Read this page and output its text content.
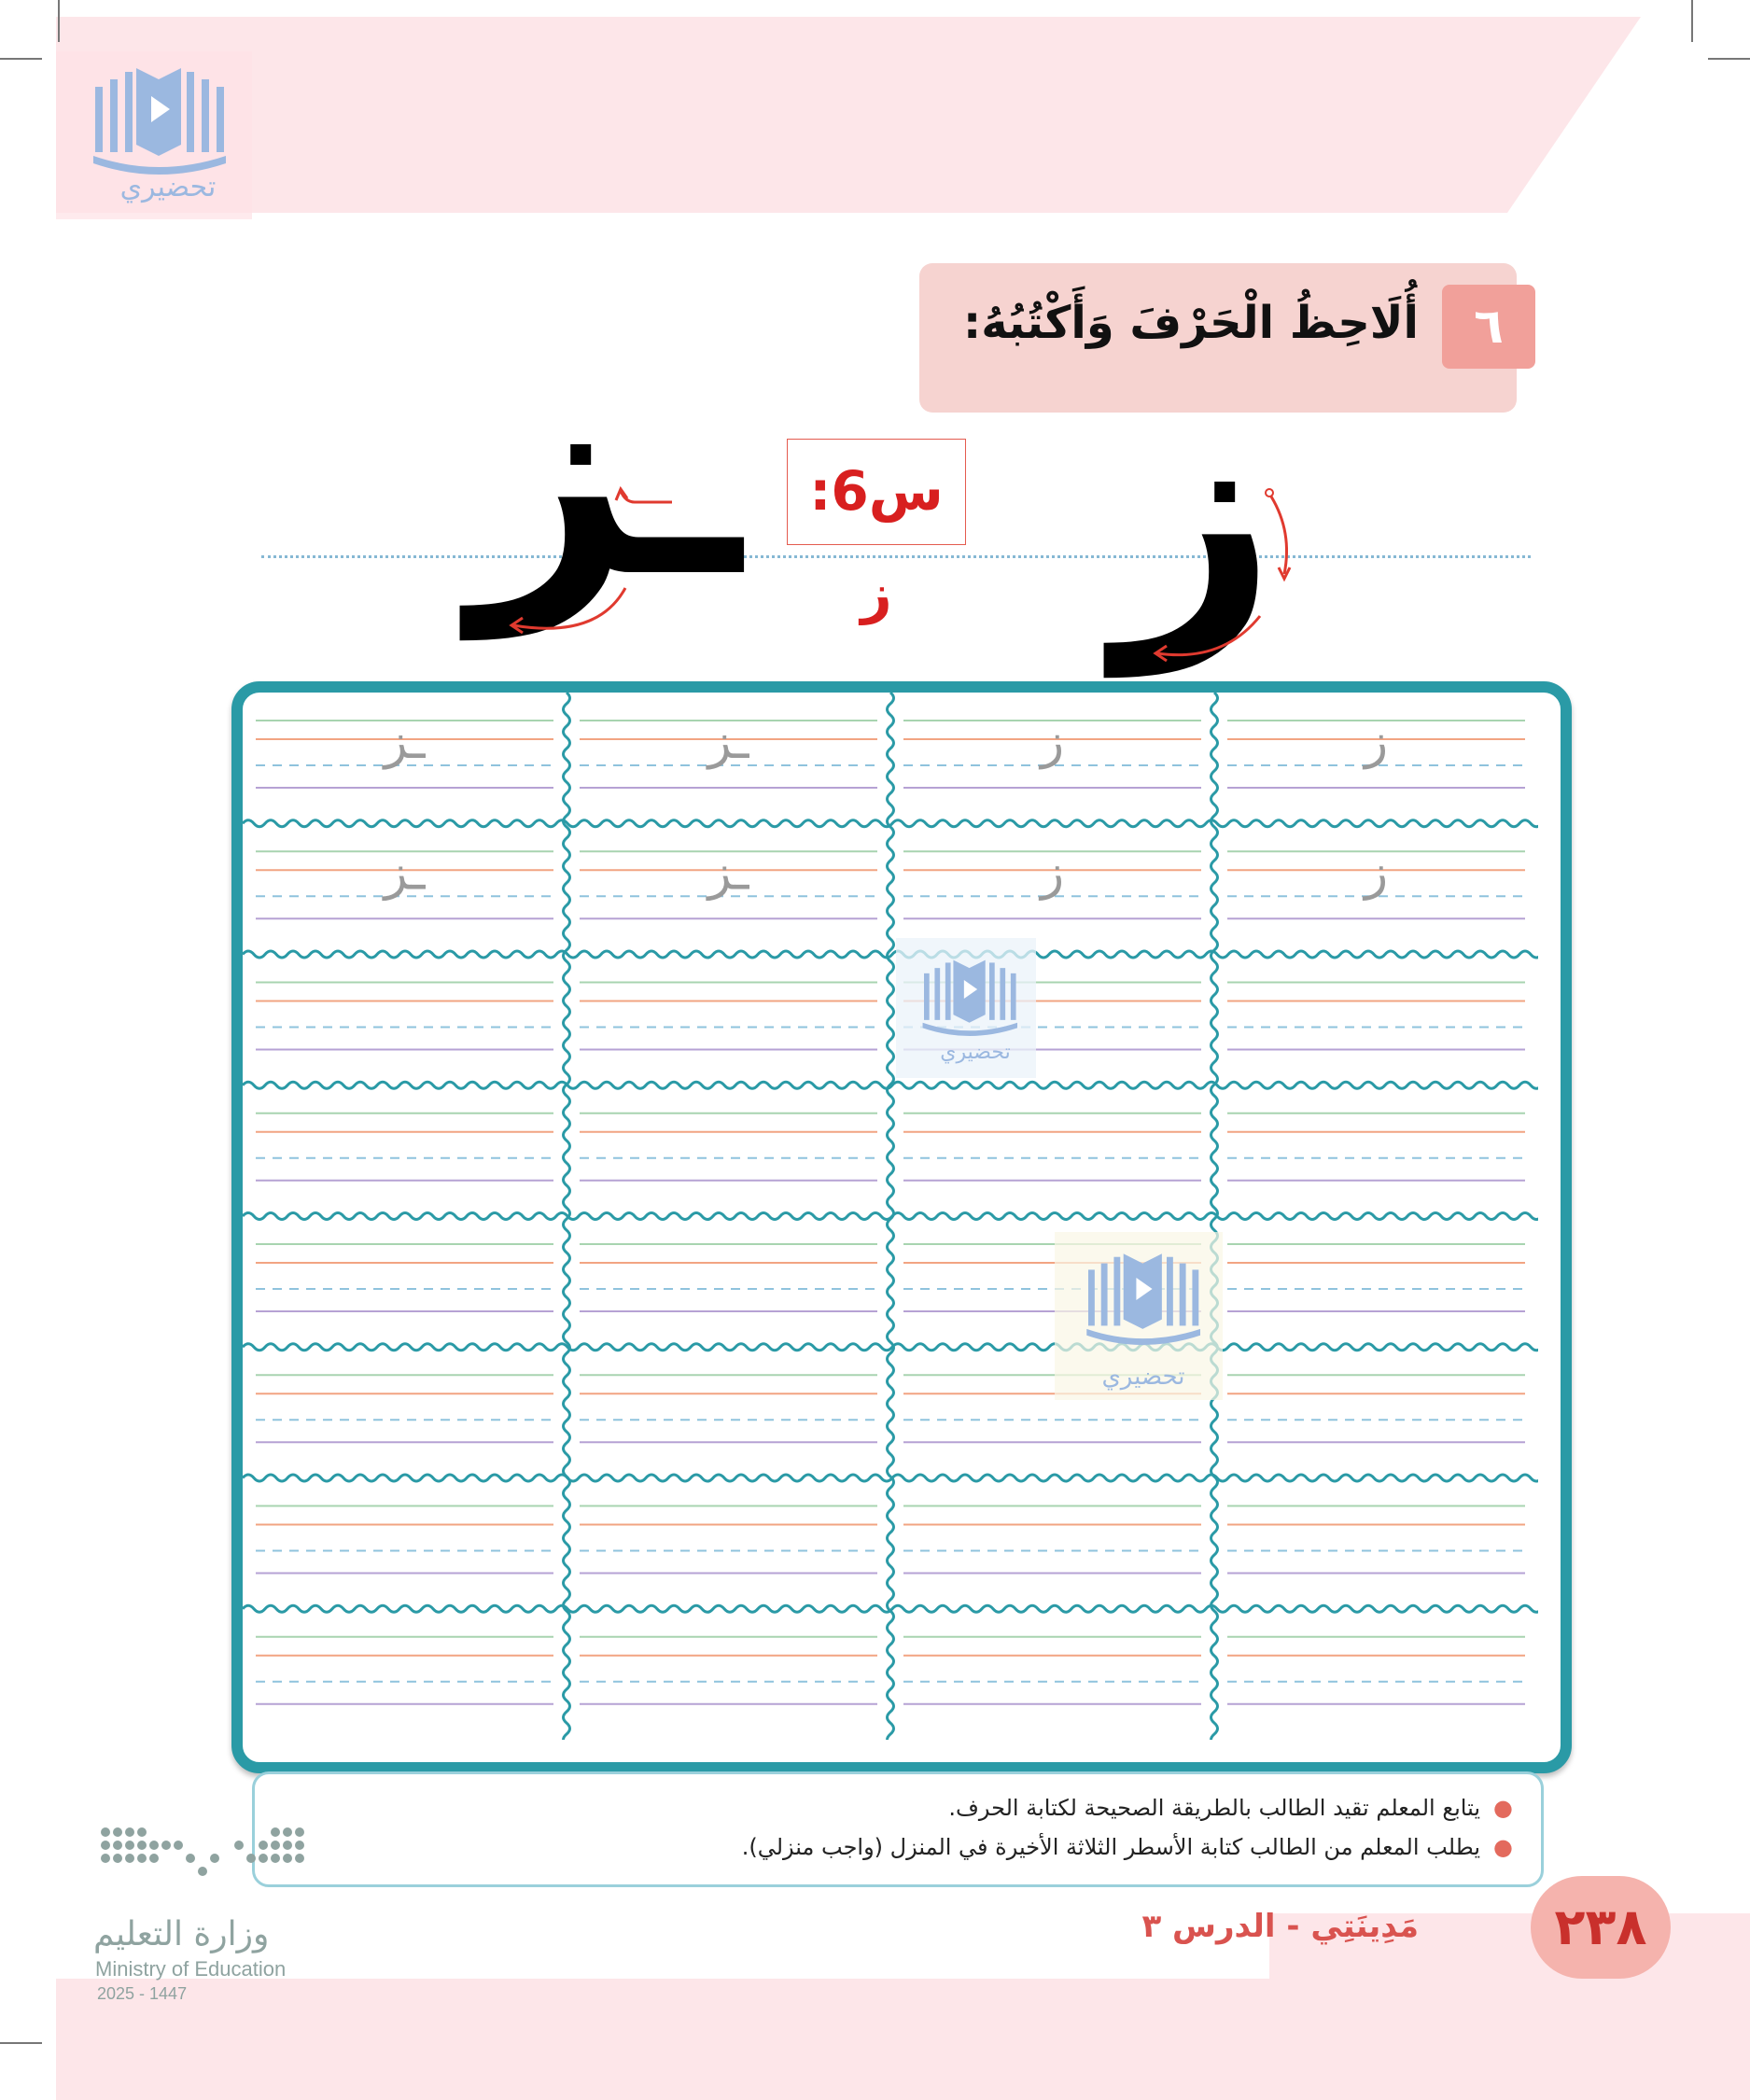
تحضيري
٦
أُلَاحِظُ الْحَرْفَ وَأَكْتُبُهُ:
س6: ز ز
ـز
ز
ز
ـز
ـز
ز
ز
ـز
ـز
تحضيري
تحضيري
●يتابع المعلم تقيد الطالب بالطريقة الصحيحة لكتابة الحرف.
●يطلب المعلم من الطالب كتابة الأسطر الثلاثة الأخيرة في المنزل (واجب منزلي).
وزارة التعليم
Ministry of Education
2025 - 1447
مَدِينَتِي - الدرس ٣	٢٣٨
